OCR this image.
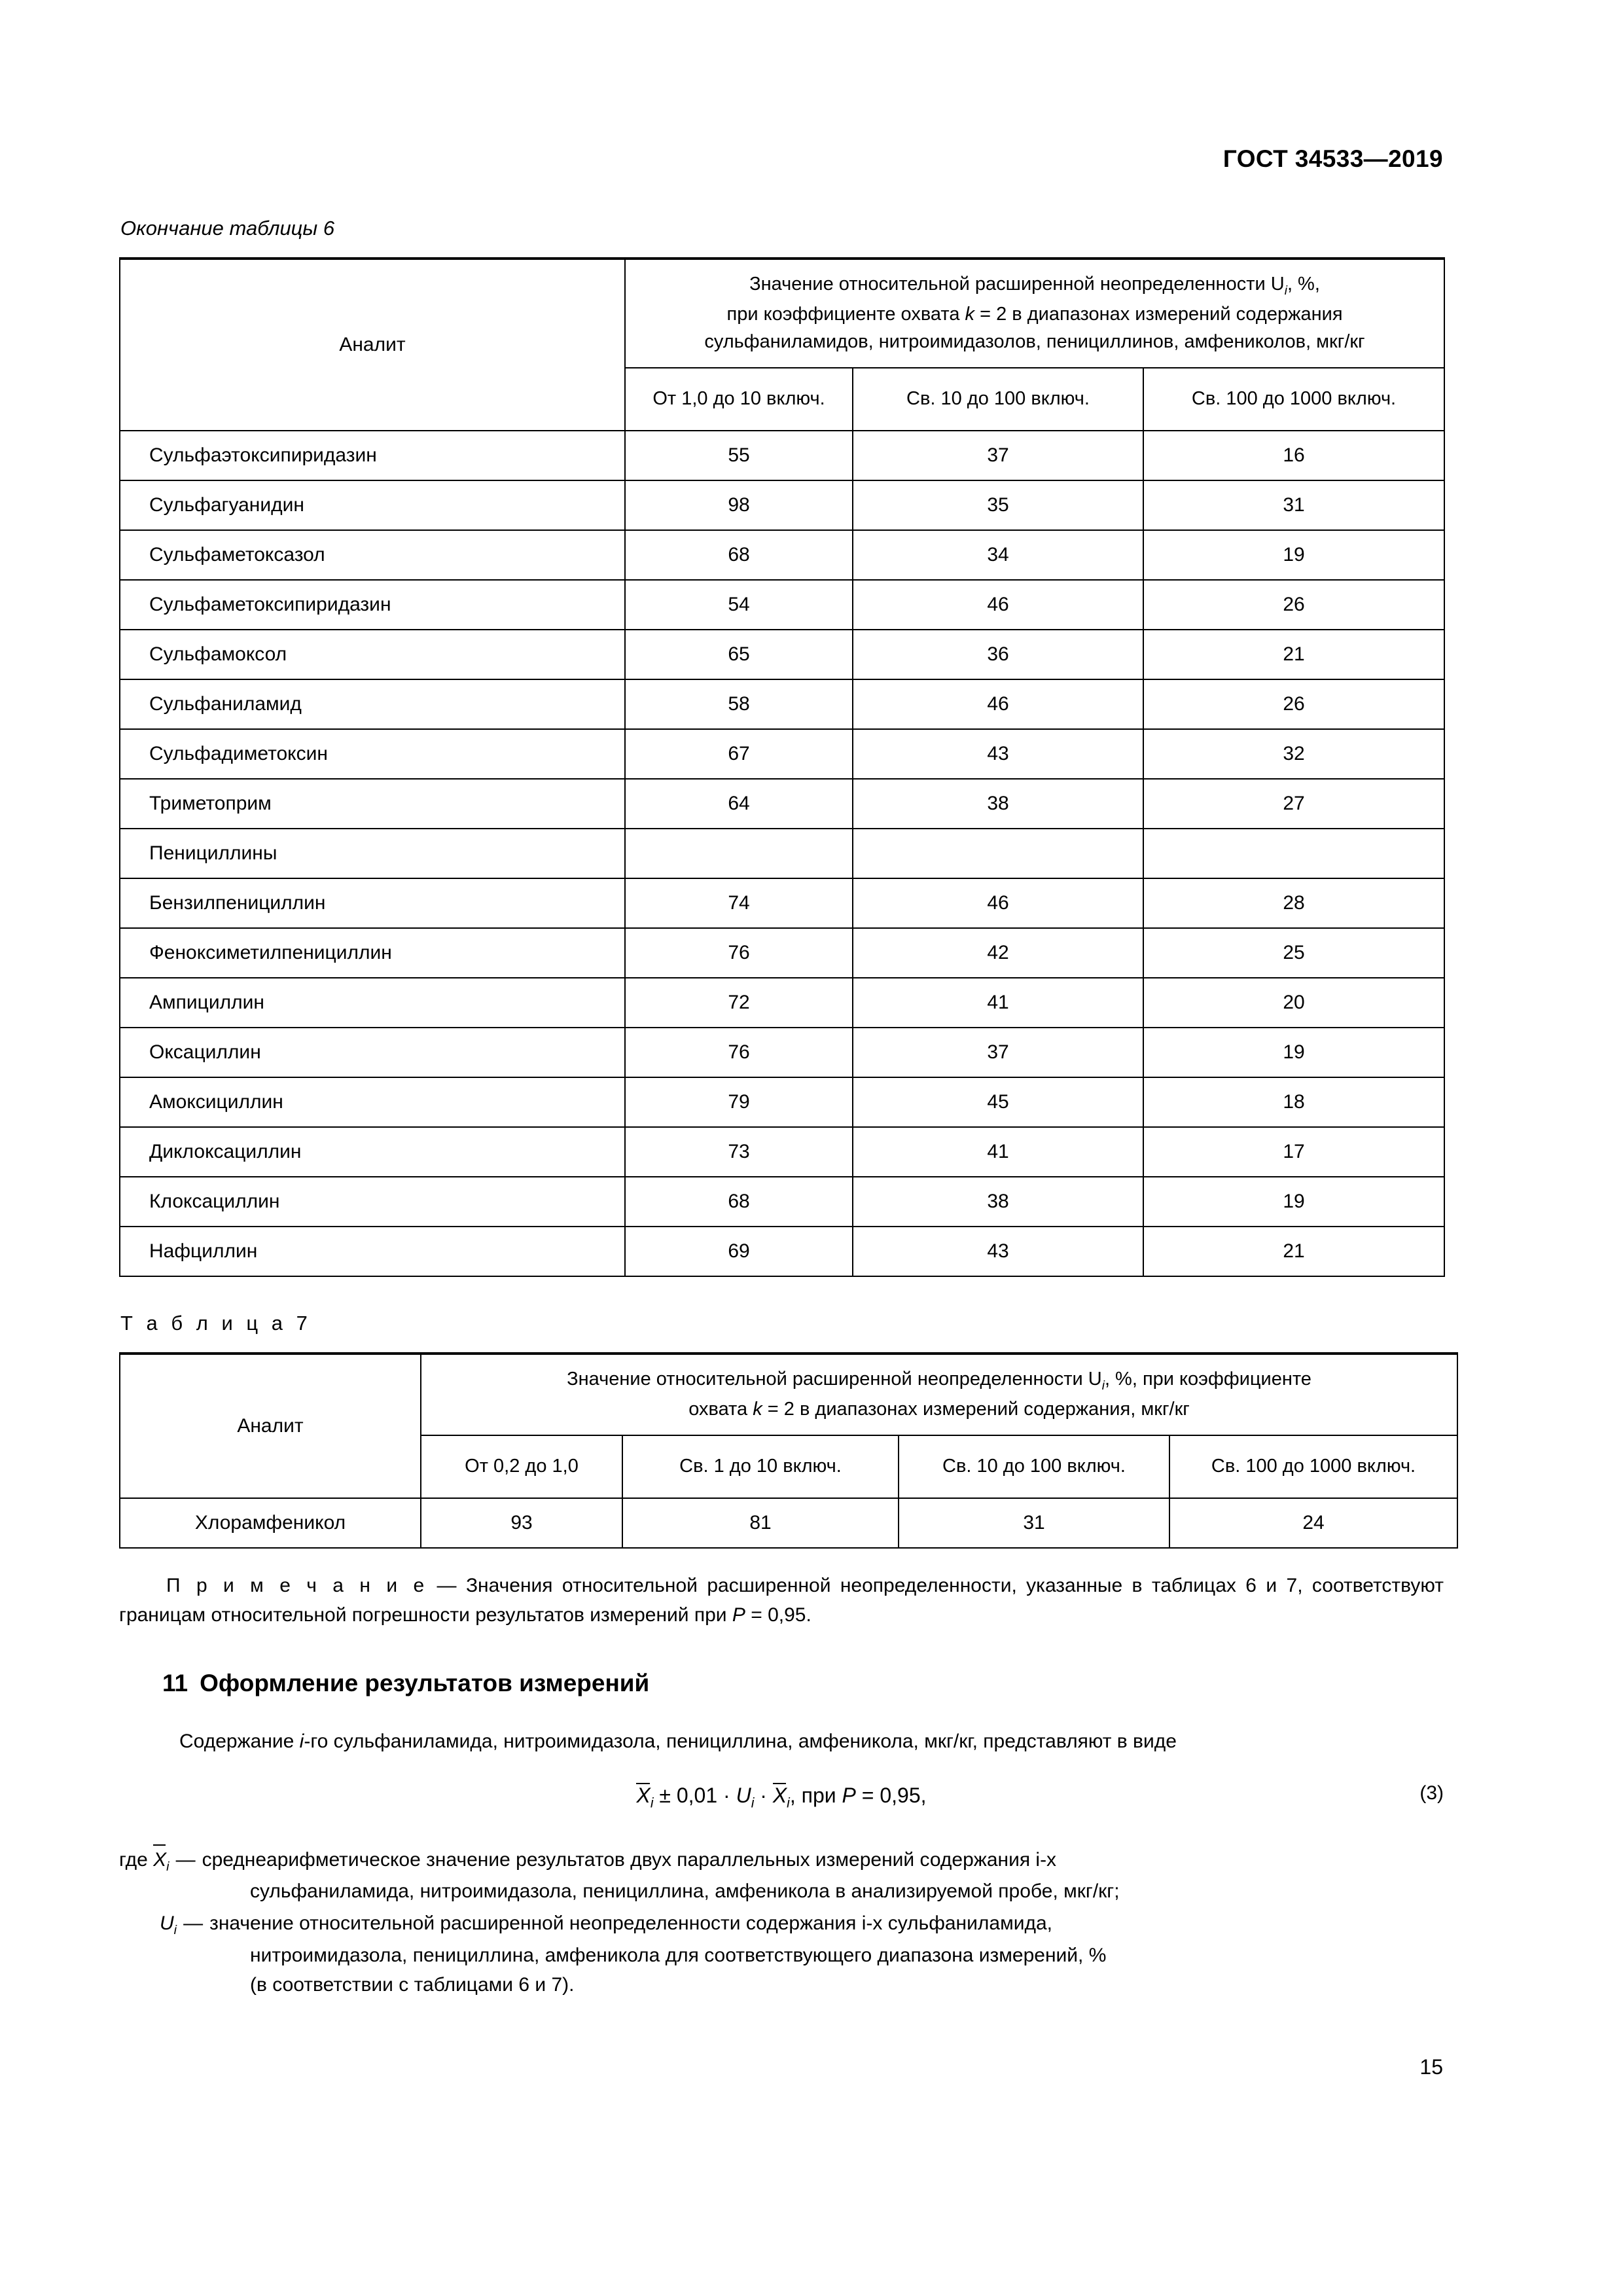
ГОСТ 34533—2019
Окончание таблицы 6
Аналит	Значение относительной расширенной неопределенности $U_i$, %,
при коэффициенте охвата k = 2 в диапазонах измерений содержания
сульфаниламидов, нитроимидазолов, пенициллинов, амфениколов, мкг/кг		
	От 1,0 до 10 включ.	Св. 10 до 100 включ.	Св. 100 до 1000 включ.
Сульфаэтоксипиридазин	55	37	16
Сульфагуанидин	98	35	31
Сульфаметоксазол	68	34	19
Сульфаметоксипиридазин	54	46	26
Сульфамоксол	65	36	21
Сульфаниламид	58	46	26
Сульфадиметоксин	67	43	32
Триметоприм	64	38	27
Пенициллины			
Бензилпенициллин	74	46	28
Феноксиметилпенициллин	76	42	25
Ампициллин	72	41	20
Оксациллин	76	37	19
Амоксициллин	79	45	18
Диклоксациллин	73	41	17
Клоксациллин	68	38	19
Нафциллин	69	43	21
Т а б л и ц а 7
Аналит	Значение относительной расширенной неопределенности $U_i$, %, при коэффициенте
охвата k = 2 в диапазонах измерений содержания, мкг/кг			
	От 0,2 до 1,0	Св. 1 до 10 включ.	Св. 10 до 100 включ.	Св. 100 до 1000 включ.
Хлорамфеникол	93	81	31	24

П р и м е ч а н и е — Значения относительной расширенной неопределенности, указанные в таблицах 6 и 7, соответствуют границам относительной погрешности результатов измерений при P = 0,95.

11 Оформление результатов измерений

Содержание i-го сульфаниламида, нитроимидазола, пенициллина, амфеникола, мкг/кг, представляют в виде

$X_i \pm 0,01 \cdot U_i \cdot X_i$, при P = 0,95,	(3)
где $X_i$ — среднеарифметическое значение результатов двух параллельных измерений содержания i-х
сульфаниламида, нитроимидазола, пенициллина, амфеникола в анализируемой пробе, мкг/кг;
$U_i$ — значение относительной расширенной неопределенности содержания i-х сульфаниламида,
нитроимидазола, пенициллина, амфеникола для соответствующего диапазона измерений, %
(в соответствии с таблицами 6 и 7).
15
